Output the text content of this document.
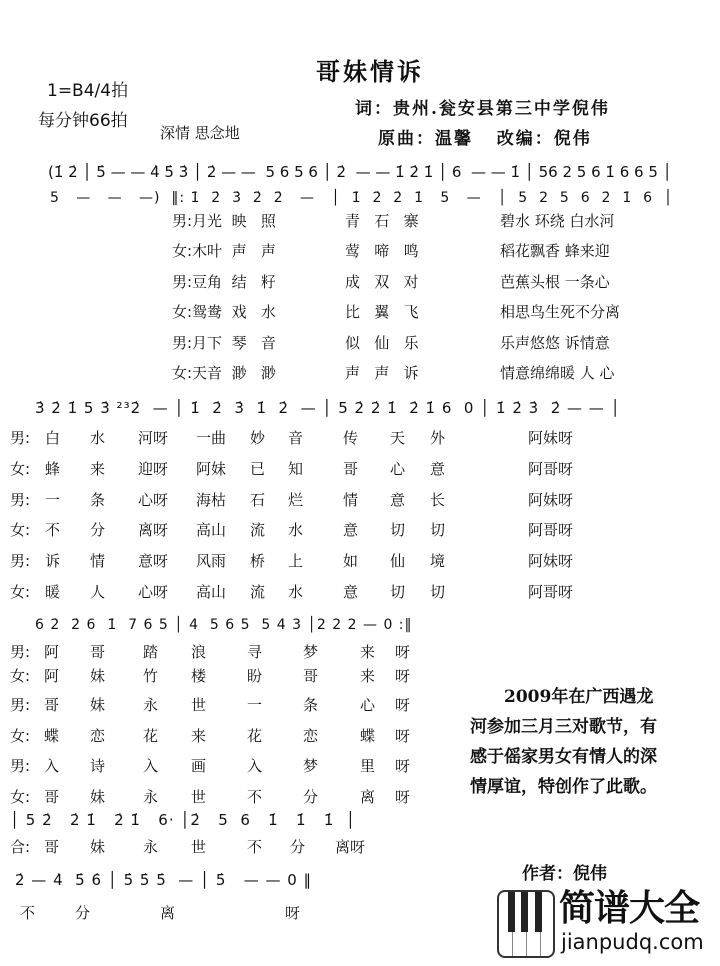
哥妹情诉
1=B4/4拍
每分钟66拍
深情 思念地
词：贵州.瓮安县第三中学倪伟
原曲：温馨   改编：倪伟
(1̇ 2̇ │ 5̇ — — 4̇ 5̇ 3̇ │ 2̇ — —  5 6 5 6 │ 2̇  — — 1̇ 2̇ 1̇ │ 6  — — 1̇ │ 56 2 5 6 1̇ 6 6 5 │
5   —   —   —)  ‖: 1̇  2̇  3̇  2̇  2̇   —   │  1̇  2̇  2̇  1̇   5   —   │  5  2  5  6  2̇  1̇  6  │
3̇ 2̇ 1̇ 5 3̇ ²³2̇  — │ 1̇  2̇  3̇  1̇  2̇  — │ 5 2̇ 2̇ 1̇  2̇ 1̇ 6  0 │ 1̇ 2̇ 3̇  2̇ — — │
6 2̇  2̇ 6  1̇  7 6 5 │ 4  5 6 5  5 4 3 │2 2 2 — 0 :‖
│ 5 2̇   2̇ 1̇   2̇ 1̇   6· │2̇   5  6   1̇   1̇   1̇  │
2̇ — 4̇  5̇ 6̇ │ 5̇ 5̇ 5̇  — │ 5̇   — — 0 ‖
男:月光  映   照	青   石   寨	碧水 环绕 白水河
女:木叶  声   声	莺   啼   鸣	稻花飘香 蜂来迎
男:豆角  结   籽	成   双   对	芭蕉头根 一条心
女:鸳鸯  戏   水	比   翼   飞	相思鸟生死不分离
男:月下  琴   音	似   仙   乐	乐声悠悠 诉情意
女:天音  渺   渺	声   声   诉	情意绵绵暖 人 心
男: 白 水 河呀 一曲 妙 音	传 天 外	阿妹呀
女: 蜂 来 迎呀 阿妹 已 知	哥 心 意	阿哥呀
男: 一 条 心呀 海枯 石 烂	情 意 长	阿妹呀
女: 不 分 离呀 高山 流 水	意 切 切	阿哥呀
男: 诉 情 意呀 风雨 桥 上	如 仙 境	阿妹呀
女: 暖 人 心呀 高山 流 水	意 切 切	阿哥呀
男: 阿 哥	踏 浪	寻	梦	来 呀
女: 阿 妹	竹 楼	盼	哥	来 呀
男: 哥 妹	永 世	一	条	心 呀
女: 蝶 恋	花 来	花	恋	蝶 呀
男: 入 诗	入 画	入	梦	里 呀
女: 哥 妹	永 世	不	分	离 呀
合: 哥 妹	永 世	不 分 离呀
不	分	离	呀
　　2009年在广西遇龙河参加三月三对歌节，有感于傜家男女有情人的深情厚谊，特创作了此歌。
作者：倪伟

简谱大全

jianpudq.com
